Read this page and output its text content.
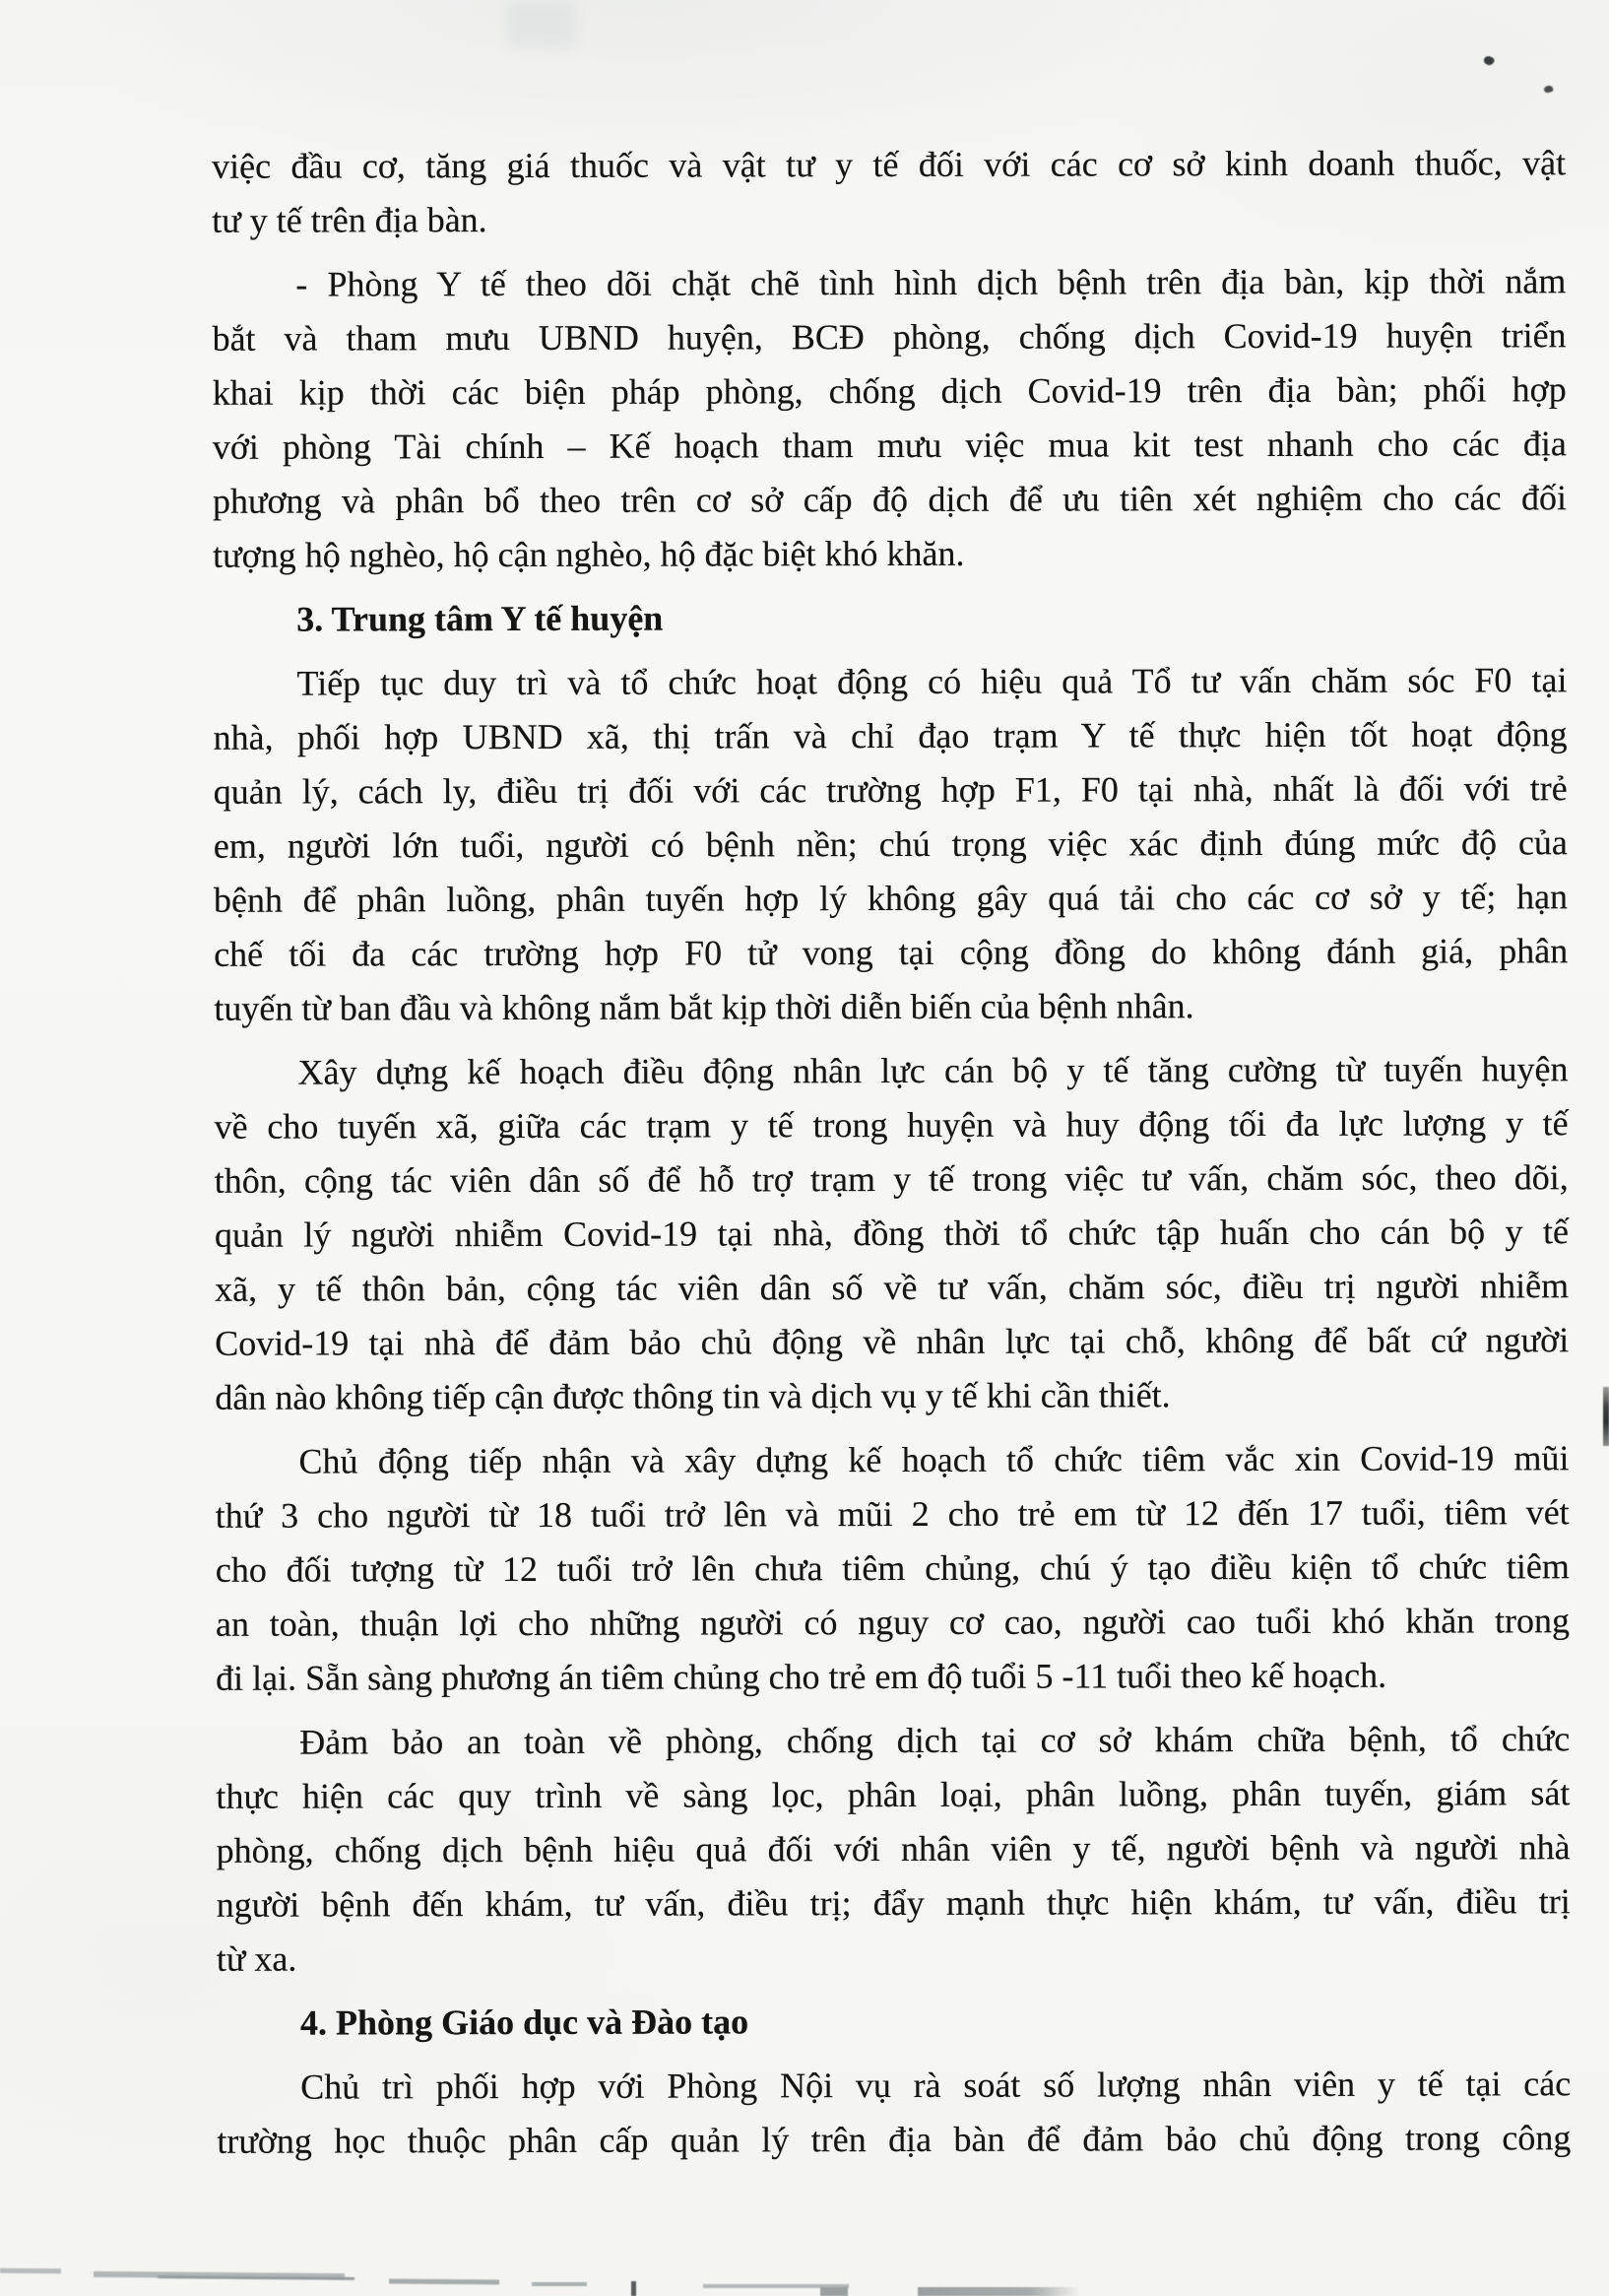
việc đầu cơ, tăng giá thuốc và vật tư y tế đối với các cơ sở kinh doanh thuốc, vật
tư y tế trên địa bàn.
- Phòng Y tế theo dõi chặt chẽ tình hình dịch bệnh trên địa bàn, kịp thời nắm
bắt và tham mưu UBND huyện, BCĐ phòng, chống dịch Covid-19 huyện triển
khai kịp thời các biện pháp phòng, chống dịch Covid-19 trên địa bàn; phối hợp
với phòng Tài chính – Kế hoạch tham mưu việc mua kit test nhanh cho các địa
phương và phân bổ theo trên cơ sở cấp độ dịch để ưu tiên xét nghiệm cho các đối
tượng hộ nghèo, hộ cận nghèo, hộ đặc biệt khó khăn.
3. Trung tâm Y tế huyện
Tiếp tục duy trì và tổ chức hoạt động có hiệu quả Tổ tư vấn chăm sóc F0 tại
nhà, phối hợp UBND xã, thị trấn và chỉ đạo trạm Y tế thực hiện tốt hoạt động
quản lý, cách ly, điều trị đối với các trường hợp F1, F0 tại nhà, nhất là đối với trẻ
em, người lớn tuổi, người có bệnh nền; chú trọng việc xác định đúng mức độ của
bệnh để phân luồng, phân tuyến hợp lý không gây quá tải cho các cơ sở y tế; hạn
chế tối đa các trường hợp F0 tử vong tại cộng đồng do không đánh giá, phân
tuyến từ ban đầu và không nắm bắt kịp thời diễn biến của bệnh nhân.
Xây dựng kế hoạch điều động nhân lực cán bộ y tế tăng cường từ tuyến huyện
về cho tuyến xã, giữa các trạm y tế trong huyện và huy động tối đa lực lượng y tế
thôn, cộng tác viên dân số để hỗ trợ trạm y tế trong việc tư vấn, chăm sóc, theo dõi,
quản lý người nhiễm Covid-19 tại nhà, đồng thời tổ chức tập huấn cho cán bộ y tế
xã, y tế thôn bản, cộng tác viên dân số về tư vấn, chăm sóc, điều trị người nhiễm
Covid-19 tại nhà để đảm bảo chủ động về nhân lực tại chỗ, không để bất cứ người
dân nào không tiếp cận được thông tin và dịch vụ y tế khi cần thiết.
Chủ động tiếp nhận và xây dựng kế hoạch tổ chức tiêm vắc xin Covid-19 mũi
thứ 3 cho người từ 18 tuổi trở lên và mũi 2 cho trẻ em từ 12 đến 17 tuổi, tiêm vét
cho đối tượng từ 12 tuổi trở lên chưa tiêm chủng, chú ý tạo điều kiện tổ chức tiêm
an toàn, thuận lợi cho những người có nguy cơ cao, người cao tuổi khó khăn trong
đi lại. Sẵn sàng phương án tiêm chủng cho trẻ em độ tuổi 5 -11 tuổi theo kế hoạch.
Đảm bảo an toàn về phòng, chống dịch tại cơ sở khám chữa bệnh, tổ chức
thực hiện các quy trình về sàng lọc, phân loại, phân luồng, phân tuyến, giám sát
phòng, chống dịch bệnh hiệu quả đối với nhân viên y tế, người bệnh và người nhà
người bệnh đến khám, tư vấn, điều trị; đẩy mạnh thực hiện khám, tư vấn, điều trị
từ xa.
4. Phòng Giáo dục và Đào tạo
Chủ trì phối hợp với Phòng Nội vụ rà soát số lượng nhân viên y tế tại các
trường học thuộc phân cấp quản lý trên địa bàn để đảm bảo chủ động trong công
